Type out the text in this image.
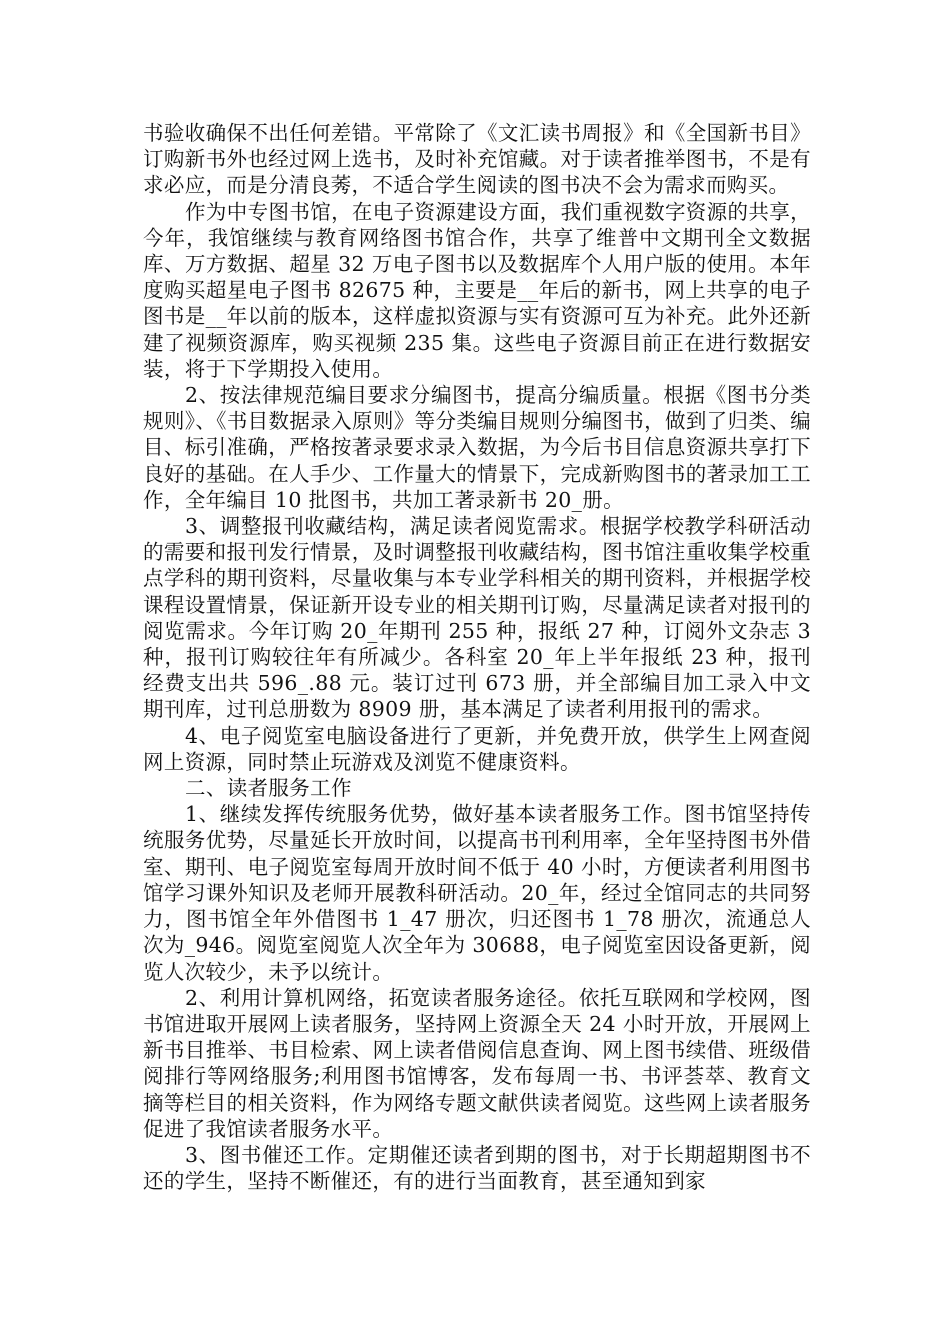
书验收确保不出任何差错。平常除了《文汇读书周报》和《全国新书目》订购新书外也经过网上选书，及时补充馆藏。对于读者推举图书，不是有求必应，而是分清良莠，不适合学生阅读的图书决不会为需求而购买。

作为中专图书馆，在电子资源建设方面，我们重视数字资源的共享，今年，我馆继续与教育网络图书馆合作，共享了维普中文期刊全文数据库、万方数据、超星 32 万电子图书以及数据库个人用户版的使用。本年度购买超星电子图书 82675 种，主要是__年后的新书，网上共享的电子图书是__年以前的版本，这样虚拟资源与实有资源可互为补充。此外还新建了视频资源库，购买视频 235 集。这些电子资源目前正在进行数据安装，将于下学期投入使用。

2、按法律规范编目要求分编图书，提高分编质量。根据《图书分类规则》、《书目数据录入原则》等分类编目规则分编图书，做到了归类、编目、标引准确，严格按著录要求录入数据，为今后书目信息资源共享打下良好的基础。在人手少、工作量大的情景下，完成新购图书的著录加工工作，全年编目 10 批图书，共加工著录新书 20_册。

3、调整报刊收藏结构，满足读者阅览需求。根据学校教学科研活动的需要和报刊发行情景，及时调整报刊收藏结构，图书馆注重收集学校重点学科的期刊资料，尽量收集与本专业学科相关的期刊资料，并根据学校课程设置情景，保证新开设专业的相关期刊订购，尽量满足读者对报刊的阅览需求。今年订购 20_年期刊 255 种，报纸 27 种，订阅外文杂志 3 种，报刊订购较往年有所减少。各科室 20_年上半年报纸 23 种，报刊经费支出共 596_.88 元。装订过刊 673 册，并全部编目加工录入中文期刊库，过刊总册数为 8909 册，基本满足了读者利用报刊的需求。

4、电子阅览室电脑设备进行了更新，并免费开放，供学生上网查阅网上资源，同时禁止玩游戏及浏览不健康资料。

二、读者服务工作

1、继续发挥传统服务优势，做好基本读者服务工作。图书馆坚持传统服务优势，尽量延长开放时间，以提高书刊利用率，全年坚持图书外借室、期刊、电子阅览室每周开放时间不低于 40 小时，方便读者利用图书馆学习课外知识及老师开展教科研活动。20_年，经过全馆同志的共同努力，图书馆全年外借图书 1_47 册次，归还图书 1_78 册次，流通总人次为_946。阅览室阅览人次全年为 30688，电子阅览室因设备更新，阅览人次较少，未予以统计。

2、利用计算机网络，拓宽读者服务途径。依托互联网和学校网，图书馆进取开展网上读者服务，坚持网上资源全天 24 小时开放，开展网上新书目推举、书目检索、网上读者借阅信息查询、网上图书续借、班级借阅排行等网络服务;利用图书馆博客，发布每周一书、书评荟萃、教育文摘等栏目的相关资料，作为网络专题文献供读者阅览。这些网上读者服务促进了我馆读者服务水平。

3、图书催还工作。定期催还读者到期的图书，对于长期超期图书不还的学生，坚持不断催还，有的进行当面教育，甚至通知到家
